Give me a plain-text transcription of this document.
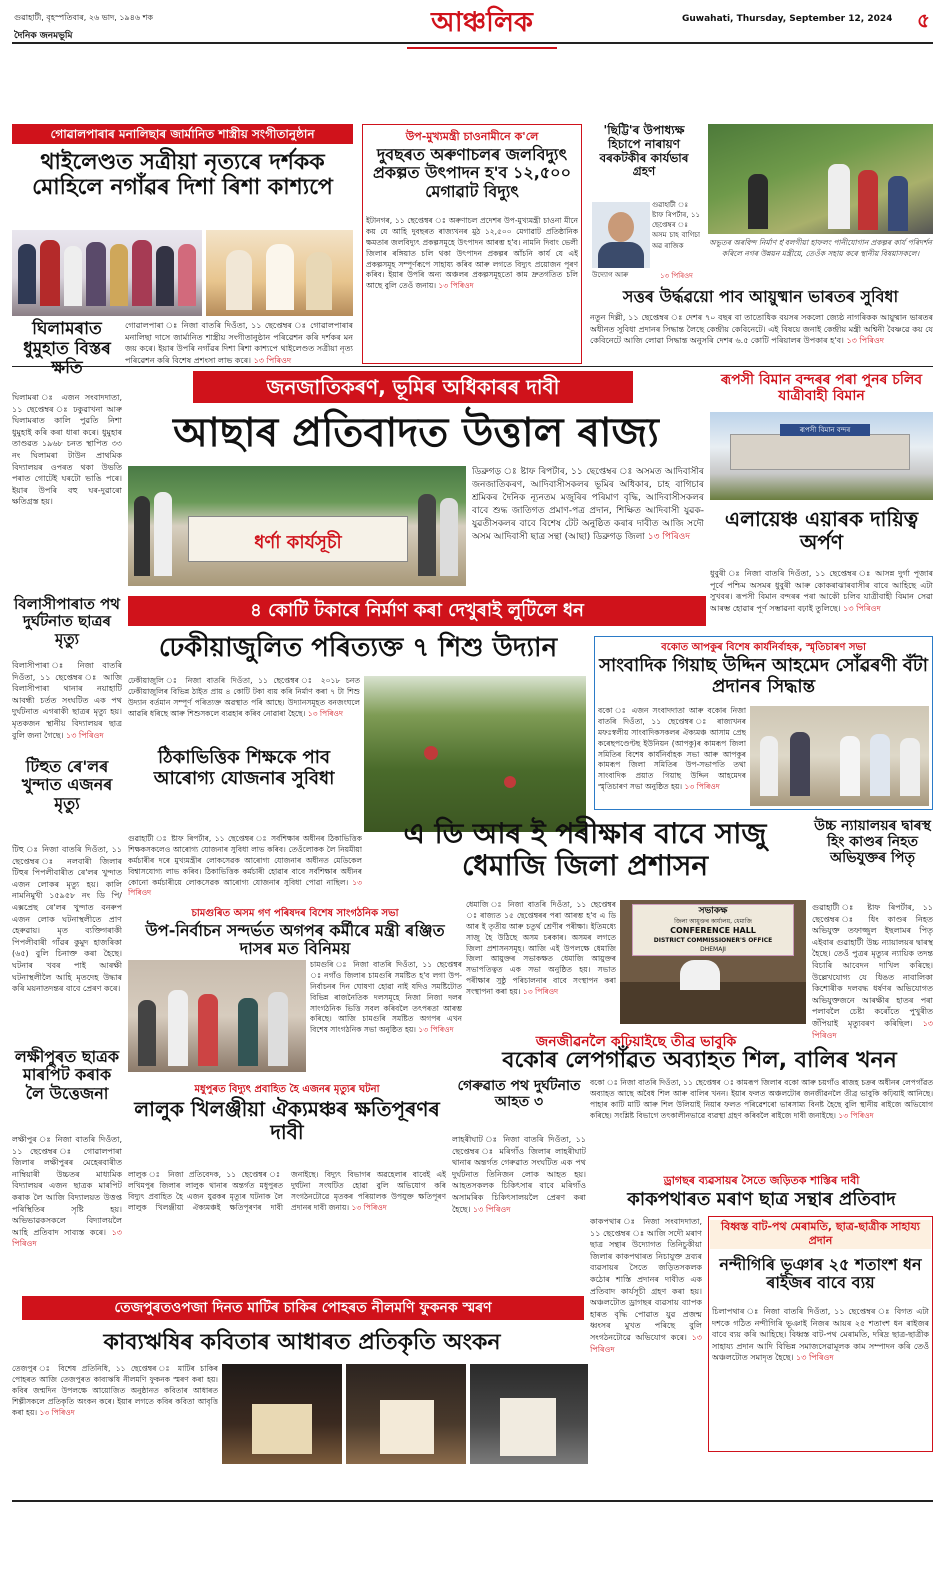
গুৱাহাটী, বৃহস্পতিবাৰ, ২৬ ভাদ, ১৯৪৬ শক
দৈনিক জনমভূমি	আঞ্চলিক	Guwahati, Thursday, September 12, 2024 ৫
গোৱালপাৰাৰ মনালিছাৰ জাৰ্মানিত শাস্ত্ৰীয় সংগীতানুষ্ঠান
থাইলেণ্ডত সত্ৰীয়া নৃত্যৰে দৰ্শকক মোহিলে নগাঁৱৰ দিশা ৰিশা কাশ্যপে
গোৱালপাৰা ঃ নিজা বাতৰি দিওঁতা, ১১ ছেপ্তেম্বৰ ঃ গোৱালপাৰাৰ মনালিছা দাসে জাৰ্মানিত শাস্ত্ৰীয় সংগীতানুষ্ঠান পৰিৱেশন কৰি দৰ্শকৰ মন জয় কৰে। ইয়াৰ উপৰি নগাঁৱৰ দিশা ৰিশা কাশ্যপে থাইলেণ্ডত সত্ৰীয়া নৃত্য পৰিৱেশন কৰি বিশেষ প্ৰশংসা লাভ কৰে। ১৩ পিৰিওদ
উপ-মুখ্যমন্ত্ৰী চাওনামীনে ক'লে
দুবছৰত অৰুণাচলৰ জলবিদ্যুৎ প্ৰকল্পত উৎপাদন হ'ব ১২,৫০০ মেগাৱাট বিদ্যুৎ
ইটানগৰ, ১১ ছেপ্তেম্বৰ ঃ অৰুণাচল প্ৰদেশৰ উপ-মুখ্যমন্ত্ৰী চাওনা মীনে কয় যে আহি দুবছৰত ৰাজ্যখনৰ মুঠ ১২,৫০০ মেগাৱাট প্ৰতিষ্ঠানিক ক্ষমতাৰ জলবিদ্যুৎ প্ৰকল্পসমূহে উৎপাদন আৰম্ভ হ'ব। নামনি দিবাং ভেলী জিলাৰ ৰঙ্গিয়াত চলি থকা উৎপাদন প্ৰকল্পৰ আঁচনি কাৰ্য যে এই প্ৰকল্পসমূহ সম্পূৰ্ণৰূপে সাহায্য কৰিব আৰু লগতে বিদ্যুৎ প্ৰয়োজন পূৰণ কৰিব। ইয়াৰ উপৰি অন্য অঞ্চলৰ প্ৰকল্পসমূহতো কাম দ্ৰুতগতিত চলি আছে বুলি তেওঁ জনায়। ১৩ পিৰিওদ
'ছিট্টি'ৰ উপাধ্যক্ষ হিচাপে নাৰায়ণ বৰকটকীৰ কাৰ্যভাৰ গ্ৰহণ
গুৱাহাটী ঃ ষ্টাফ ৰিপৰ্টাৰ, ১১ ছেপ্তেম্বৰ ঃ অসম চাহ বাগিচা অৱ ৰাজিক
উদ্যোগ আৰু	১৩ পিৰিওদ
অভুতৰ অৰবিন্দ নিৰ্মাণ হ'বলগীয়া হাফলং পানীযোগান প্ৰকল্পৰ কাৰ্য পৰিদৰ্শন কৰিলে নগৰ উন্নয়ন মন্ত্ৰীয়ে, তেওঁক সহায় কৰে স্থানীয় বিষয়াসকলে।
সত্তৰ উৰ্দ্ধৱয়ো পাব আয়ুষ্মান ভাৰতৰ সুবিধা
নতুন দিল্লী, ১১ ছেপ্তেম্বৰ ঃ দেশৰ ৭০ বছৰ বা তাতোধিক বয়সৰ সকলো জ্যেষ্ঠ নাগৰিকক আয়ুষ্মান ভাৰতৰ অধীনত সুবিধা প্ৰদানৰ সিদ্ধান্ত লৈছে কেন্দ্ৰীয় কেবিনেটে। এই বিষয়ে জনাই কেন্দ্ৰীয় মন্ত্ৰী অশ্বিনী বৈষ্ণৱে কয় যে কেবিনেটে আজি লোৱা সিদ্ধান্ত অনুসৰি দেশৰ ৬.৫ কোটি পৰিয়ালৰ উপকাৰ হ'ব। ১৩ পিৰিওদ
ঘিলামৰাত ধুমুহাত বিস্তৰ ক্ষতি
ঘিলামৰা ঃ এজন সংবাদদাতা, ১১ ছেপ্তেম্বৰ ঃ ঢকুৱাখনা আৰু ঘিলামৰাত কালি পুৱতি নিশা ধুমুহাই কৰি কৰা ধাৰা কৰে। ধুমুহাৰ তাণ্ডৱত ১৯৬৮ চনত স্থাপিত ৩৩ নং ঘিলামৰা টাউন প্ৰাথমিক বিদ্যালয়ৰ ওপৰত থকা উভতি পৰাত গোটেই ঘৰটো ভাঙি পৰে। ইয়াৰ উপৰি বহু ঘৰ-দুৱাৰো ক্ষতিগ্ৰস্ত হয়।
জনজাতিকৰণ, ভূমিৰ অধিকাৰৰ দাবী
আছাৰ প্ৰতিবাদত উত্তাল ৰাজ্য
ধৰ্ণা কাৰ্যসূচী
ডিব্ৰুগড় ঃ ষ্টাফ ৰিপৰ্টাৰ, ১১ ছেপ্তেম্বৰ ঃ অসমত আদিবাসীৰ জনজাতিকৰণ, আদিবাসীসকলৰ ভূমিৰ অধিকাৰ, চাহ বাগিচাৰ শ্ৰমিকৰ দৈনিক ন্যূনতম মজুৰিৰ পৰিমাণ বৃদ্ধি, আদিবাসীসকলৰ বাবে শুদ্ধ জাতিগত প্ৰমাণ-পত্ৰ প্ৰদান, শিক্ষিত আদিবাসী যুৱক-যুৱতীসকলৰ বাবে বিশেষ টেট অনুষ্ঠিত কৰাৰ দাবীত আজি সদৌ অসম আদিবাসী ছাত্ৰ সন্থা (আছা) ডিব্ৰুগড় জিলা ১৩ পিৰিওদ
ৰূপসী বিমান বন্দৰৰ পৰা পুনৰ চলিব যাত্ৰীবাহী বিমান
ৰূপসী বিমান বন্দৰ
এলায়েঞ্চ এয়াৰক দায়িত্ব অৰ্পণ
ধুবুৰী ঃ নিজা বাতৰি দিওঁতা, ১১ ছেপ্তেম্বৰ ঃ আসন্ন দুৰ্গা পূজাৰ পূৰ্বে পশ্চিম অসমৰ ধুবুৰী আৰু কোকৰাঝাৰবাসীৰ বাবে আহিছে এটা সুখবৰ। ৰূপসী বিমান বন্দৰৰ পৰা আকৌ চলিব যাত্ৰীবাহী বিমান সেৱা আৰম্ভ হোৱাৰ পূৰ্ণ সম্ভাৱনা বঢ়াই তুলিছে। ১৩ পিৰিওদ
বিলাসীপাৰাত পথ দুৰ্ঘটনাত ছাত্ৰৰ মৃত্যু
বিলাসীপাৰা ঃ নিজা বাতৰি দিওঁতা, ১১ ছেপ্তেম্বৰ ঃ আজি বিলাসীপাৰা থানাৰ নয়াহাটি আবন্ধী চৰ্তত সংঘটিত এক পথ দুৰ্ঘটনাত এগৰাকী ছাত্ৰৰ মৃত্যু হয়। মৃতকজন স্থানীয় বিদ্যালয়ৰ ছাত্ৰ বুলি জনা গৈছে। ১৩ পিৰিওদ
৪ কোটি টকাৰে নিৰ্মাণ কৰা দেখুৰাই লুটিলে ধন
ঢেকীয়াজুলিত পৰিত্যক্ত ৭ শিশু উদ্যান
ঢেকীয়াজুলি ঃ নিজা বাতৰি দিওঁতা, ১১ ছেপ্তেম্বৰ ঃ ২০১৮ চনত ঢেকীয়াজুলিৰ বিভিন্ন ঠাইত প্ৰায় ৪ কোটি টকা ব্যয় কৰি নিৰ্মাণ কৰা ৭ টা শিশু উদ্যান বৰ্তমান সম্পূৰ্ণ পৰিত্যক্ত অৱস্থাত পৰি আছে। উদ্যানসমূহত বনজংঘলে আৱৰি ধৰিছে আৰু শিশুসকলে ব্যৱহাৰ কৰিব নোৱাৰা হৈছে। ১৩ পিৰিওদ
বকোত আপকুৰ বিশেষ কাৰ্যনিৰ্বাহক, স্মৃতিচাৰণ সভা
সাংবাদিক গিয়াছ উদ্দিন আহমেদ সোঁৱৰণী বঁটা প্ৰদানৰ সিদ্ধান্ত
বকো ঃ এজন সংবাদদাতা আৰু বকোৰ নিজা বাতৰি দিওঁতা, ১১ ছেপ্তেম্বৰ ঃ ৰাজ্যখনৰ মফঃস্বলীয় সাংবাদিকসকলৰ ঐক্যমঞ্চ আসাম প্ৰেছ কৰেছপণ্ডেণ্টছ ইউনিয়ন (আপকু)ৰ কামৰূপ জিলা সমিতিৰ বিশেষ কাৰ্যনিৰ্বাহক সভা আৰু আপকুৰ কামৰূপ জিলা সমিতিৰ উপ-সভাপতি তথা সাংবাদিক প্ৰয়াত গিয়াছ উদ্দিন আহমেদৰ স্মৃতিচাৰণ সভা অনুষ্ঠিত হয়। ১৩ পিৰিওদ
ঠিকাভিত্তিক শিক্ষকে পাব আৰোগ্য যোজনাৰ সুবিধা
গুৱাহাটী ঃ ষ্টাফ ৰিপৰ্টাৰ, ১১ ছেপ্তেম্বৰ ঃ সৰ্বশিক্ষাৰ অধীনৰ ঠিকাভিত্তিক শিক্ষকসকলেও আৰোগ্য যোজনাৰ সুবিধা লাভ কৰিব। তেওঁলোকক লৈ নিয়মীয়া কৰ্মচাৰীৰ দৰে মুখ্যমন্ত্ৰীৰ লোকসেৱক আৰোগ্য যোজনাৰ অধীনত মেডিকেল বিশ্বাসযোগ্য লাভ কৰিব। ঠিকাভিত্তিক কৰ্মচাৰী হোৱাৰ বাবে সৰ্বশিক্ষাৰ অধীনৰ কোনো কৰ্মচাৰীয়ে লোকসেৱক আৰোগ্য যোজনাৰ সুবিধা পোৱা নাছিল। ১৩ পিৰিওদ
টিহুত ৰে'লৰ খুন্দাত এজনৰ মৃত্যু
টিহু ঃ নিজা বাতৰি দিওঁতা, ১১ ছেপ্তেম্বৰ ঃ নলবাৰী জিলাৰ টিহুৰ পিপলীবাৰীত ৰে'লৰ খুন্দাত এজন লোকৰ মৃত্যু হয়। কালি নামনিমুখী ১৫৯৫৮ নং ডি পি/এক্সপ্ৰেছ ৰে'লৰ খুন্দাত বনৰুপ এজন লোক ঘটনাস্থলীতে প্ৰাণ হেৰুৱায়। মৃত ব্যক্তিগৰাকী পিপলীবাৰী গাঁৱৰ কুমুদ হাজৰিকা (৬৫) বুলি চিনাক্ত কৰা হৈছে। ঘটনাৰ খবৰ পাই আৰক্ষী ঘটনাস্থলীলৈ আহি মৃতদেহ উদ্ধাৰ কৰি ময়নাতদন্তৰ বাবে প্ৰেৰণ কৰে।
এ ডি আৰ ই পৰীক্ষাৰ বাবে সাজু ধেমাজি জিলা প্ৰশাসন
ধেমাজি ঃ নিজা বাতৰি দিওঁতা, ১১ ছেপ্তেম্বৰ ঃ ৰাজ্যত ১৫ ছেপ্তেম্বৰৰ পৰা আৰম্ভ হ'ব এ ডি আৰ ই তৃতীয় আৰু চতুৰ্থ শ্ৰেণীৰ পৰীক্ষা। ইতিমধ্যে সাজু হৈ উঠিছে অসম চৰকাৰ। অসমৰ লগতে জিলা প্ৰশাসনসমূহ। আজি এই উপলক্ষে ধেমাজি জিলা আয়ুক্তৰ সভাকক্ষত ধেমাজি আয়ুক্তৰ সভাপতিত্বত এক সভা অনুষ্ঠিত হয়। সভাত পৰীক্ষাৰ সুষ্ঠু পৰিচালনাৰ বাবে সংস্থাপন কৰা সংস্থাপনা কৰা হয়। ১৩ পিৰিওদ
সভাকক্ষ
জিলা আয়ুক্তৰ কাৰ্যালয়, ধেমাজি
CONFERENCE HALL
DISTRICT COMMISSIONER'S OFFICE
DHEMAJI
উচ্চ ন্যায়ালয়ৰ দ্বাৰস্থ হিং কাণ্ডৰ নিহত অভিযুক্তৰ পিতৃ
গুৱাহাটী ঃ ষ্টাফ ৰিপৰ্টাৰ, ১১ ছেপ্তেম্বৰ ঃ ধিং কাণ্ডৰ নিহত অভিযুক্ত তফাজ্জুল ইছলামৰ পিতৃ এইবাৰ গুৱাহাটী উচ্চ ন্যায়ালয়ৰ দ্বাৰস্থ হৈছে। তেওঁ পুত্ৰৰ মৃত্যুৰ ন্যায়িক তদন্ত বিচাৰি আবেদন দাখিল কৰিছে। উল্লেখযোগ্য যে ধিঙত নাবালিকা কিশোৰীক দলবদ্ধ ধৰ্ষণৰ অভিযোগত অভিযুক্তজনে আৰক্ষীৰ হাতৰ পৰা পলাবলৈ চেষ্টা কৰোঁতে পুখুৰীত জঁপিয়াই মৃত্যুবৰণ কৰিছিল। ১৩ পিৰিওদ
চামগুৰিত অসম গণ পৰিষদৰ বিশেষ সাংগঠনিক সভা
উপ-নিৰ্বাচন সন্দৰ্ভত অগপৰ কৰ্মীৰে মন্ত্ৰী ৰঞ্জিত দাসৰ মত বিনিময়
চামগুৰি ঃ নিজা বাতৰি দিওঁতা, ১১ ছেপ্তেম্বৰ ঃ নগাঁও জিলাৰ চামগুৰি সমষ্টিত হ'ব লগা উপ-নিৰ্বাচনৰ দিন ঘোষণা হোৱা নাই যদিও সমষ্টিটোত বিভিন্ন ৰাজনৈতিক দলসমূহে নিজা নিজা দলৰ সাংগঠনিক ভিত্তি সবল কৰিবলৈ তৎপৰতা আৰম্ভ কৰিছে। আজি চামগুৰি সমষ্টিত অগপৰ এখন বিশেষ সাংগঠনিক সভা অনুষ্ঠিত হয়। ১৩ পিৰিওদ
লক্ষীপুৰত ছাত্ৰক মাৰপিট কৰাক লৈ উত্তেজনা
লক্ষীপুৰ ঃ নিজা বাতৰি দিওঁতা, ১১ ছেপ্তেম্বৰ ঃ গোৱালপাৰা জিলাৰ লক্ষীপুৰৰ মেহেৰবাৰীত নাম্বিয়াৰী উচ্চতৰ মাধ্যমিক বিদ্যালয়ৰ এজন ছাত্ৰক মাৰপিট কৰাক লৈ আজি বিদ্যালয়ত উত্তপ্ত পৰিস্থিতিৰ সৃষ্টি হয়। অভিভাৱকসকলে বিদ্যালয়লৈ আহি প্ৰতিবাদ সাব্যস্ত কৰে। ১৩ পিৰিওদ
জনজীৱনলৈ কঢ়িয়াইছে তীব্ৰ ভাবুকি
বকোৰ লেপগাঁৱত অব্যাহত শিল, বালিৰ খনন
বকো ঃ নিজা বাতৰি দিওঁতা, ১১ ছেপ্তেম্বৰ ঃ কামৰূপ জিলাৰ বকো আৰু চয়গাঁও ৰাজহ চক্ৰৰ অধীনৰ লেপগাঁৱত অব্যাহত আছে অবৈধ শিল আৰু বালিৰ খনন। ইয়াৰ ফলত অঞ্চলটোৰ জনজীৱনলৈ তীব্ৰ ভাবুকি কঢ়িয়াই আনিছে। পাহাৰ কাটি মাটি আৰু শিল উলিয়াই নিয়াৰ ফলত পৰিৱেশৰো ভাৰসাম্য বিনষ্ট হৈছে বুলি স্থানীয় ৰাইজে অভিযোগ কৰিছে। সংশ্লিষ্ট বিভাগে তৎকালীনভাৱে ব্যৱস্থা গ্ৰহণ কৰিবলৈ ৰাইজে দাবী জনাইছে। ১৩ পিৰিওদ
মধুপুৰত বিদ্যুৎ প্ৰবাহিত হৈ এজনৰ মৃত্যুৰ ঘটনা
লালুক খিলঞ্জীয়া ঐক্যমঞ্চৰ ক্ষতিপূৰণৰ দাবী
লালুক ঃ নিজা প্ৰতিবেদক, ১১ ছেপ্তেম্বৰ ঃ লখিমপুৰ জিলাৰ লালুক থানাৰ অন্তৰ্গত মধুপুৰত বিদ্যুৎ প্ৰবাহিত হৈ এজন যুৱকৰ মৃত্যুৰ ঘটনাক লৈ লালুক খিলঞ্জীয়া ঐক্যমঞ্চই ক্ষতিপূৰণৰ দাবী জনাইছে। বিদ্যুৎ বিভাগৰ অৱহেলাৰ বাবেই এই দুৰ্ঘটনা সংঘটিত হোৱা বুলি অভিযোগ কৰি সংগঠনটোৱে মৃতকৰ পৰিয়ালক উপযুক্ত ক্ষতিপূৰণ প্ৰদানৰ দাবী জনায়। ১৩ পিৰিওদ
গেৰুৱাত পথ দুৰ্ঘটনাত আহত ৩
লাহৰীঘাট ঃ নিজা বাতৰি দিওঁতা, ১১ ছেপ্তেম্বৰ ঃ মৰিগাঁও জিলাৰ লাহৰীঘাট থানাৰ অন্তৰ্গত গেৰুৱাত সংঘটিত এক পথ দুৰ্ঘটনাত তিনিজন লোক আহত হয়। আহতসকলক চিকিৎসাৰ বাবে মৰিগাঁও অসামৰিক চিকিৎসালয়লৈ প্ৰেৰণ কৰা হৈছে। ১৩ পিৰিওদ
ড্ৰাগছৰ ব্যৱসায়ৰ সৈতে জড়িতক শাস্তিৰ দাবী
কাকপথাৰত মৰাণ ছাত্ৰ সন্থাৰ প্ৰতিবাদ
কাকপথাৰ ঃ নিজা সংবাদদাতা, ১১ ছেপ্তেম্বৰ ঃ আজি সদৌ মৰাণ ছাত্ৰ সন্থাৰ উদ্যোগত তিনিচুকীয়া জিলাৰ কাকপথাৰত নিচাযুক্ত দ্ৰব্যৰ ব্যৱসায়ৰ সৈতে জড়িতসকলক কঠোৰ শাস্তি প্ৰদানৰ দাবীত এক প্ৰতিবাদ কাৰ্যসূচী গ্ৰহণ কৰা হয়। অঞ্চলটোত ড্ৰাগছৰ ব্যৱসায় ব্যাপক হাৰত বৃদ্ধি পোৱাত যুৱ প্ৰজন্ম ধ্বংসৰ মুখত পৰিছে বুলি সংগঠনটোৱে অভিযোগ কৰে। ১৩ পিৰিওদ
বিধ্বস্ত বাট-পথ মেৰামতি, ছাত্ৰ-ছাত্ৰীক সাহায্য প্ৰদান
নন্দীগিৰি ভূঞাৰ ২৫ শতাংশ ধন ৰাইজৰ বাবে ব্যয়
চিলাপথাৰ ঃ নিজা বাতৰি দিওঁতা, ১১ ছেপ্তেম্বৰ ঃ বিগত এটা দশকে গঠিত নন্দীগিৰি ভূঞাই নিজৰ আয়ৰ ২৫ শতাংশ ধন ৰাইজৰ বাবে ব্যয় কৰি আহিছে। বিধ্বস্ত বাট-পথ মেৰামতি, দৰিদ্ৰ ছাত্ৰ-ছাত্ৰীক সাহায্য প্ৰদান আদি বিভিন্ন সমাজসেৱামূলক কাম সম্পাদন কৰি তেওঁ অঞ্চলটোত সমাদৃত হৈছে। ১৩ পিৰিওদ
তেজপুৰতওপজা দিনত মাটিৰ চাকিৰ পোহৰত নীলমণি ফুকনক স্মৰণ
কাব্যঋষিৰ কবিতাৰ আধাৰত প্ৰতিকৃতি অংকন
তেজপুৰ ঃ বিশেষ প্ৰতিনিধি, ১১ ছেপ্তেম্বৰ ঃ মাটিৰ চাকিৰ পোহৰত আজি তেজপুৰত কাব্যঋষি নীলমণি ফুকনক স্মৰণ কৰা হয়। কবিৰ জন্মদিন উপলক্ষে আয়োজিত অনুষ্ঠানত কবিতাৰ আধাৰত শিল্পীসকলে প্ৰতিকৃতি অংকন কৰে। ইয়াৰ লগতে কবিৰ কবিতা আবৃত্তি কৰা হয়। ১৩ পিৰিওদ
